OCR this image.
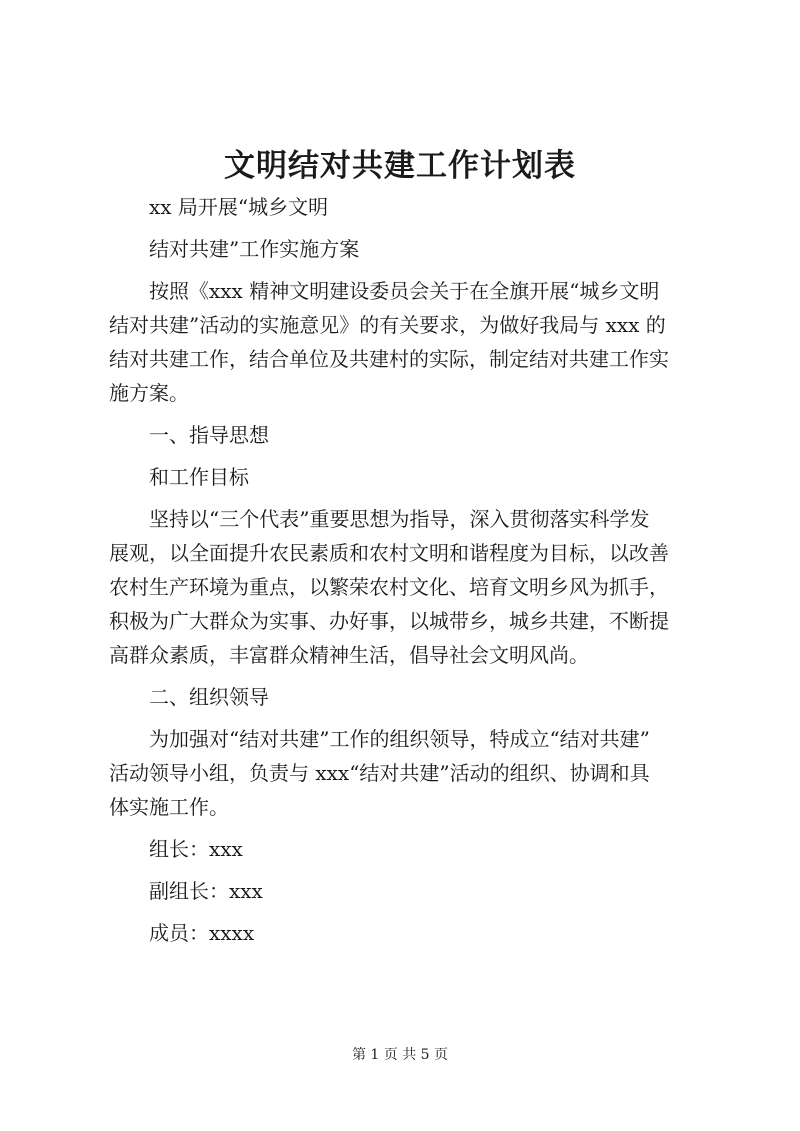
文明结对共建工作计划表
xx 局开展“城乡文明
结对共建”工作实施方案
按照《xxx 精神文明建设委员会关于在全旗开展“城乡文明
结对共建”活动的实施意见》的有关要求，为做好我局与 xxx 的
结对共建工作，结合单位及共建村的实际，制定结对共建工作实
施方案。
一、指导思想
和工作目标
坚持以“三个代表”重要思想为指导，深入贯彻落实科学发
展观，以全面提升农民素质和农村文明和谐程度为目标，以改善
农村生产环境为重点，以繁荣农村文化、培育文明乡风为抓手，
积极为广大群众为实事、办好事，以城带乡，城乡共建，不断提
高群众素质，丰富群众精神生活，倡导社会文明风尚。
二、组织领导
为加强对“结对共建”工作的组织领导，特成立“结对共建”
活动领导小组，负责与 xxx“结对共建”活动的组织、协调和具
体实施工作。
组长：xxx
副组长：xxx
成员：xxxx
第 1 页 共 5 页
